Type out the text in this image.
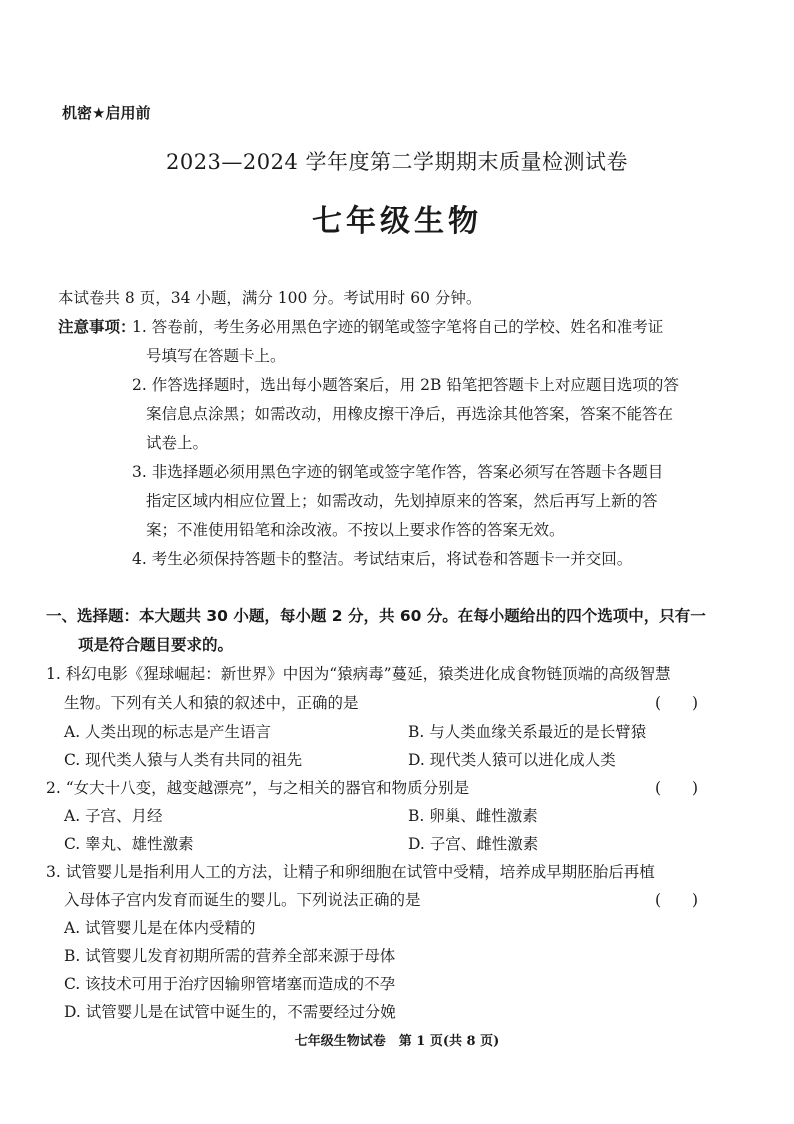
机密★启用前
2023—2024 学年度第二学期期末质量检测试卷
七年级生物
本试卷共 8 页，34 小题，满分 100 分。考试用时 60 分钟。
注意事项：
1. 答卷前，考生务必用黑色字迹的钢笔或签字笔将自己的学校、姓名和准考证
号填写在答题卡上。
2. 作答选择题时，选出每小题答案后，用 2B 铅笔把答题卡上对应题目选项的答
案信息点涂黑；如需改动，用橡皮擦干净后，再选涂其他答案，答案不能答在
试卷上。
3. 非选择题必须用黑色字迹的钢笔或签字笔作答，答案必须写在答题卡各题目
指定区域内相应位置上；如需改动，先划掉原来的答案，然后再写上新的答
案；不准使用铅笔和涂改液。不按以上要求作答的答案无效。
4. 考生必须保持答题卡的整洁。考试结束后，将试卷和答题卡一并交回。
一、选择题：本大题共 30 小题，每小题 2 分，共 60 分。在每小题给出的四个选项中，只有一
项是符合题目要求的。
1. 科幻电影《猩球崛起：新世界》中因为“猿病毒”蔓延，猿类进化成食物链顶端的高级智慧
生物。下列有关人和猿的叙述中，正确的是	(　　)
A. 人类出现的标志是产生语言	B. 与人类血缘关系最近的是长臂猿
C. 现代类人猿与人类有共同的祖先	D. 现代类人猿可以进化成人类
2. “女大十八变，越变越漂亮”，与之相关的器官和物质分别是	(　　)
A. 子宫、月经	B. 卵巢、雌性激素
C. 睾丸、雄性激素	D. 子宫、雌性激素
3. 试管婴儿是指利用人工的方法，让精子和卵细胞在试管中受精，培养成早期胚胎后再植
入母体子宫内发育而诞生的婴儿。下列说法正确的是	(　　)
A. 试管婴儿是在体内受精的
B. 试管婴儿发育初期所需的营养全部来源于母体
C. 该技术可用于治疗因输卵管堵塞而造成的不孕
D. 试管婴儿是在试管中诞生的，不需要经过分娩
七年级生物试卷　第 1 页(共 8 页)
